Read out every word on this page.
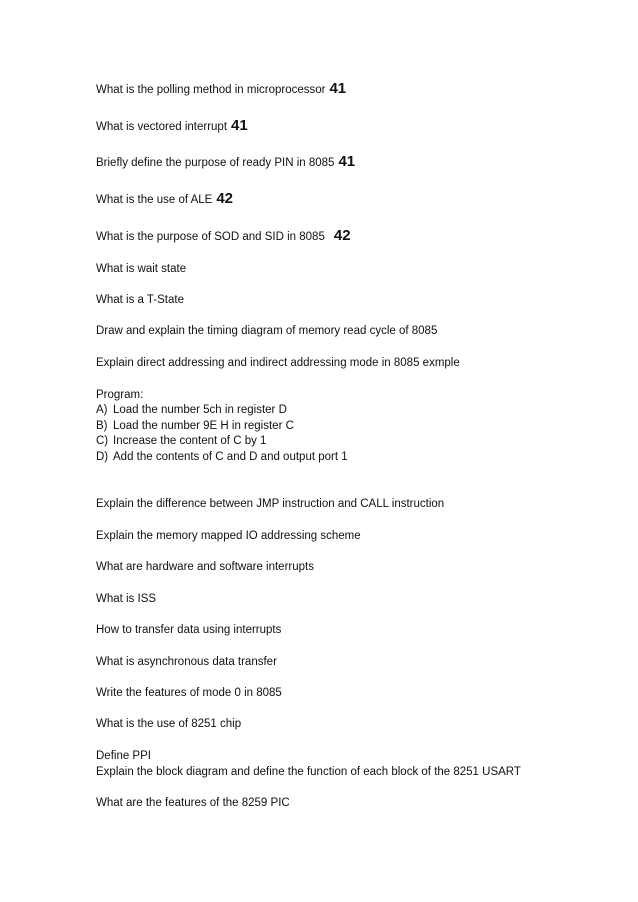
What is the polling method in microprocessor 41
What is vectored interrupt 41
Briefly define the purpose of ready PIN in 8085 41
What is the use of ALE 42
What is the purpose of SOD and SID in 8085 42
What is wait state
What is a T-State
Draw and explain the timing diagram of memory read cycle of 8085
Explain direct addressing and indirect addressing mode in 8085 exmple
Program:
A) Load the number 5ch in register D
B) Load the number 9E H in register C
C) Increase the content of C by 1
D) Add the contents of C and D and output port 1
Explain the difference between JMP instruction and CALL instruction
Explain the memory mapped IO addressing scheme
What are hardware and software interrupts
What is ISS
How to transfer data using interrupts
What is asynchronous data transfer
Write the features of mode 0 in 8085
What is the use of 8251 chip
Define PPI
Explain the block diagram and define the function of each block of the 8251 USART
What are the features of the 8259 PIC
